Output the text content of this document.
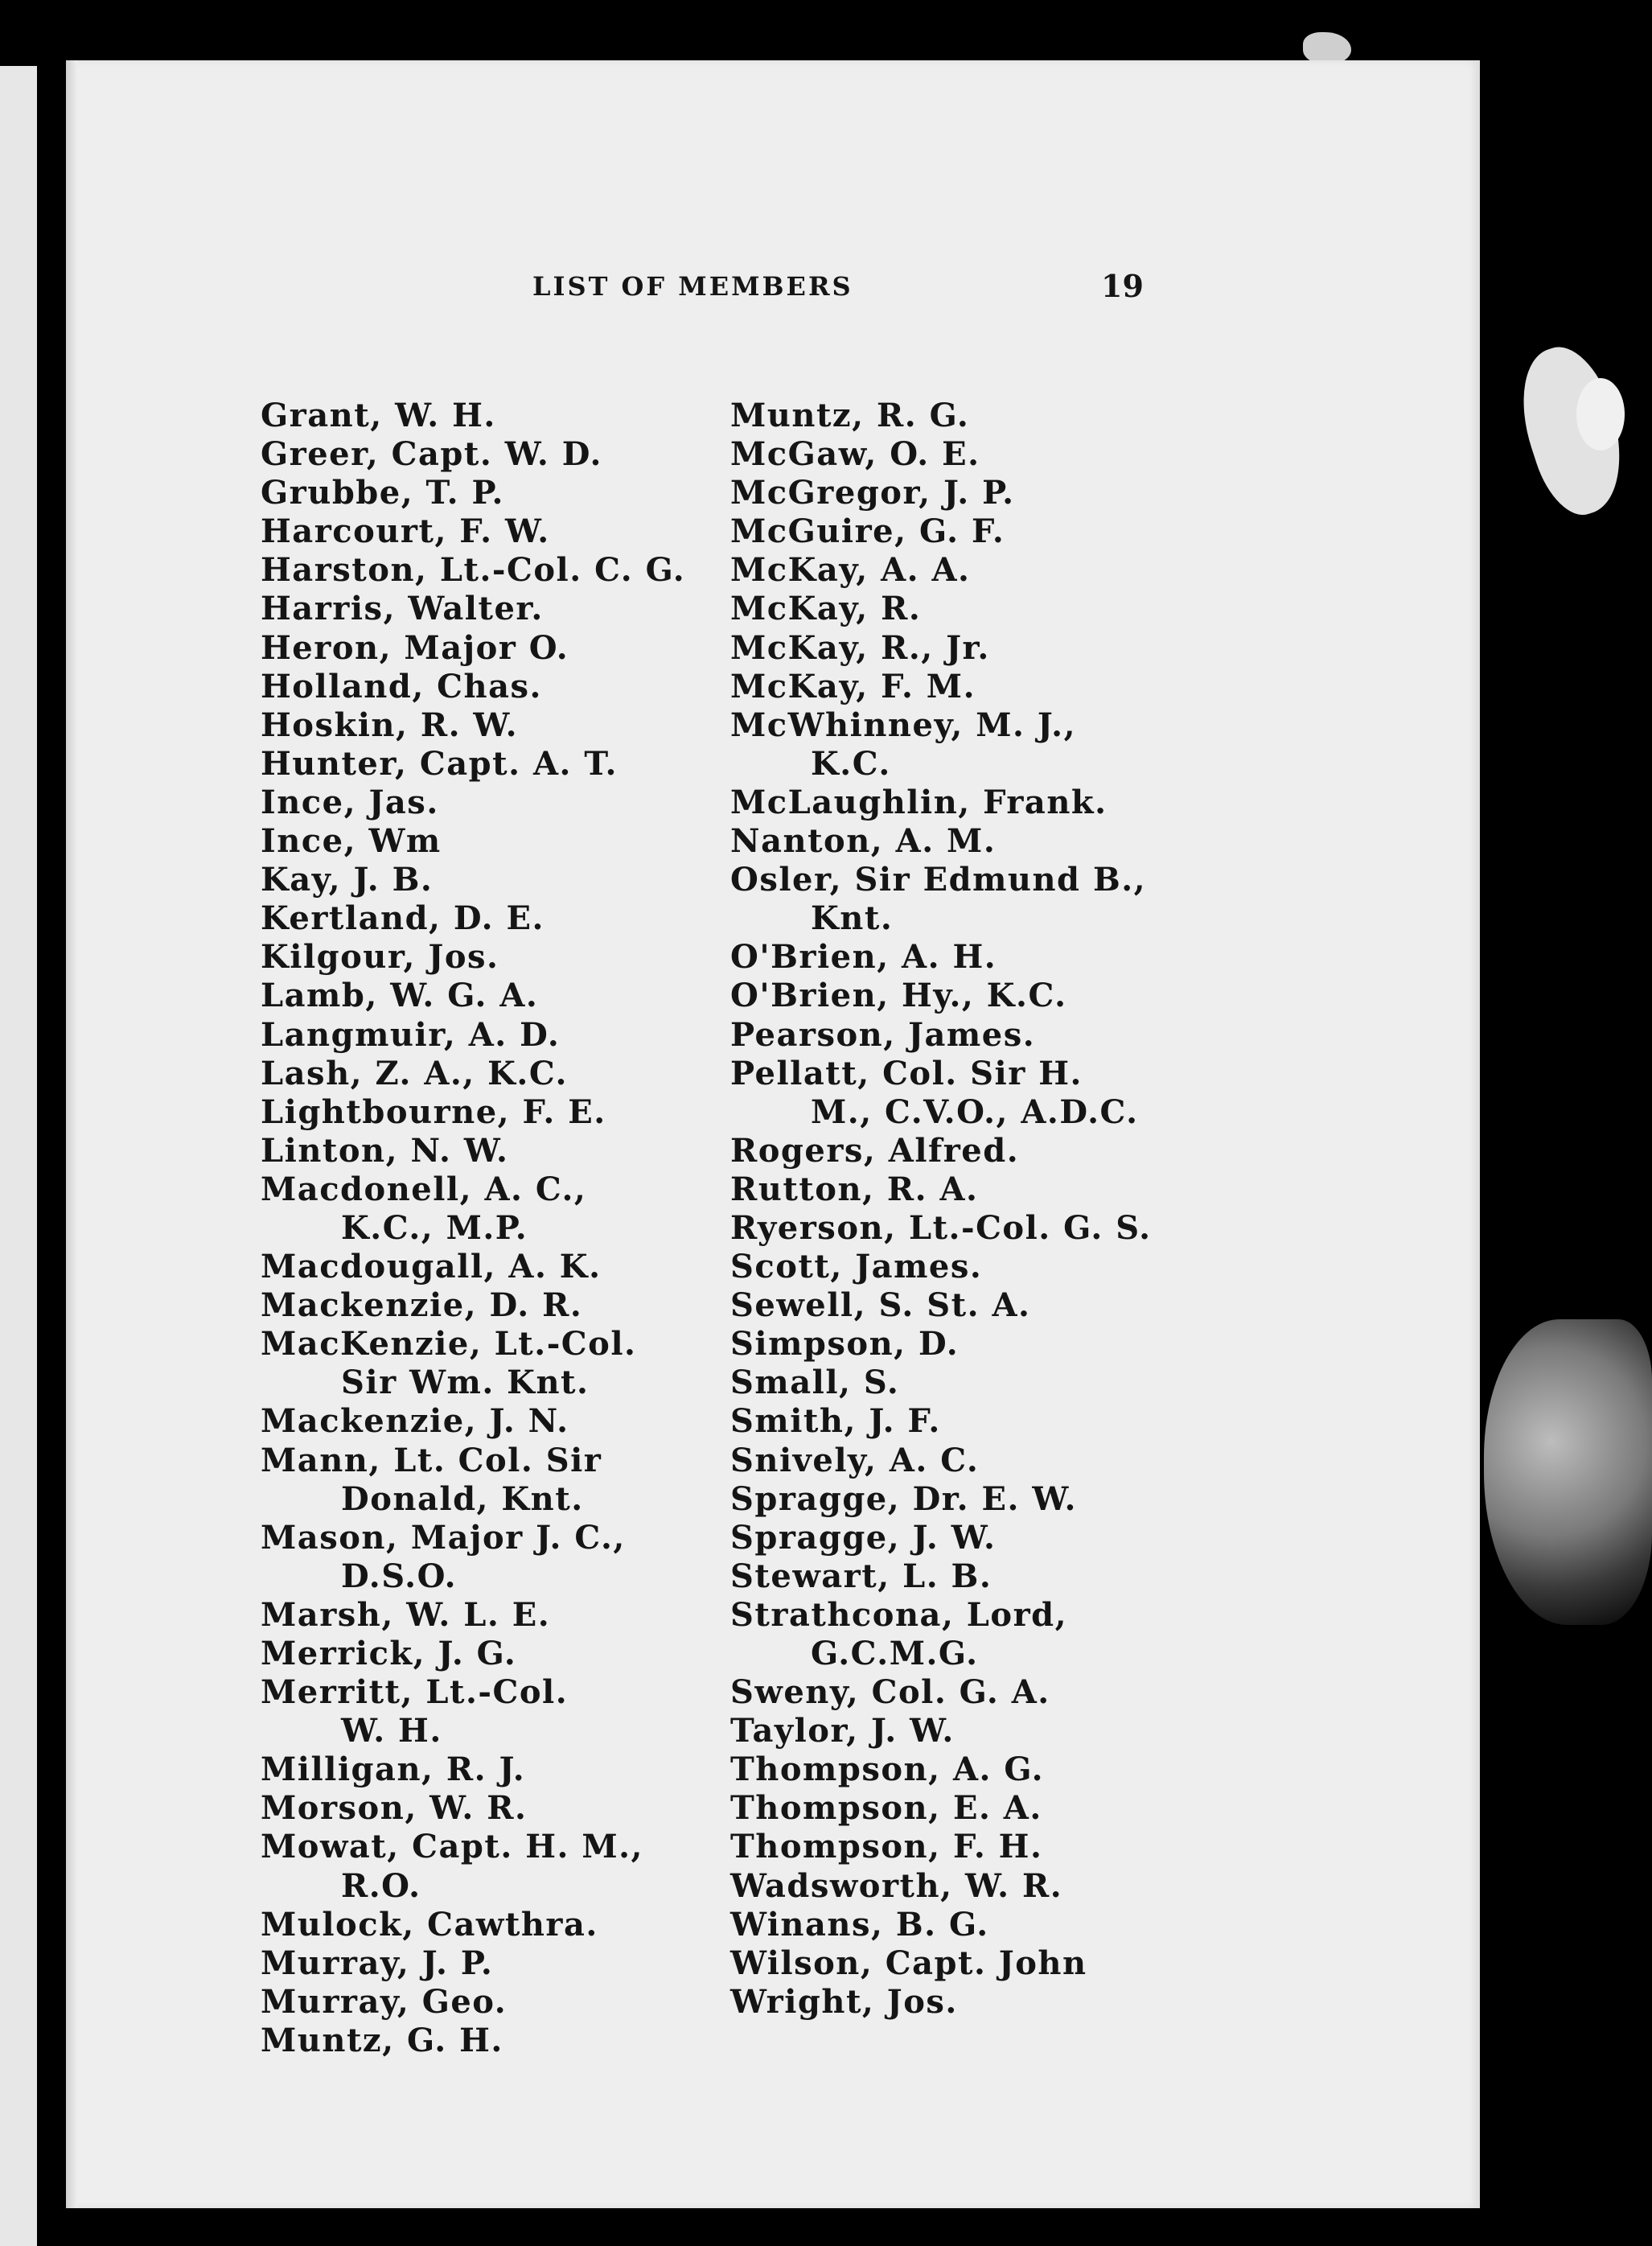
LIST OF MEMBERS	19
Grant, W. H.
Greer, Capt. W. D.
Grubbe, T. P.
Harcourt, F. W.
Harston, Lt.-Col. C. G.
Harris, Walter.
Heron, Major O.
Holland, Chas.
Hoskin, R. W.
Hunter, Capt. A. T.
Ince, Jas.
Ince, Wm
Kay, J. B.
Kertland, D. E.
Kilgour, Jos.
Lamb, W. G. A.
Langmuir, A. D.
Lash, Z. A., K.C.
Lightbourne, F. E.
Linton, N. W.
Macdonell, A. C.,
K.C., M.P.
Macdougall, A. K.
Mackenzie, D. R.
MacKenzie, Lt.-Col.
Sir Wm. Knt.
Mackenzie, J. N.
Mann, Lt. Col. Sir
Donald, Knt.
Mason, Major J. C.,
D.S.O.
Marsh, W. L. E.
Merrick, J. G.
Merritt, Lt.-Col.
W. H.
Milligan, R. J.
Morson, W. R.
Mowat, Capt. H. M.,
R.O.
Mulock, Cawthra.
Murray, J. P.
Murray, Geo.
Muntz, G. H.
Muntz, R. G.
McGaw, O. E.
McGregor, J. P.
McGuire, G. F.
McKay, A. A.
McKay, R.
McKay, R., Jr.
McKay, F. M.
McWhinney, M. J.,
K.C.
McLaughlin, Frank.
Nanton, A. M.
Osler, Sir Edmund B.,
Knt.
O'Brien, A. H.
O'Brien, Hy., K.C.
Pearson, James.
Pellatt, Col. Sir H.
M., C.V.O., A.D.C.
Rogers, Alfred.
Rutton, R. A.
Ryerson, Lt.-Col. G. S.
Scott, James.
Sewell, S. St. A.
Simpson, D.
Small, S.
Smith, J. F.
Snively, A. C.
Spragge, Dr. E. W.
Spragge, J. W.
Stewart, L. B.
Strathcona, Lord,
G.C.M.G.
Sweny, Col. G. A.
Taylor, J. W.
Thompson, A. G.
Thompson, E. A.
Thompson, F. H.
Wadsworth, W. R.
Winans, B. G.
Wilson, Capt. John
Wright, Jos.
